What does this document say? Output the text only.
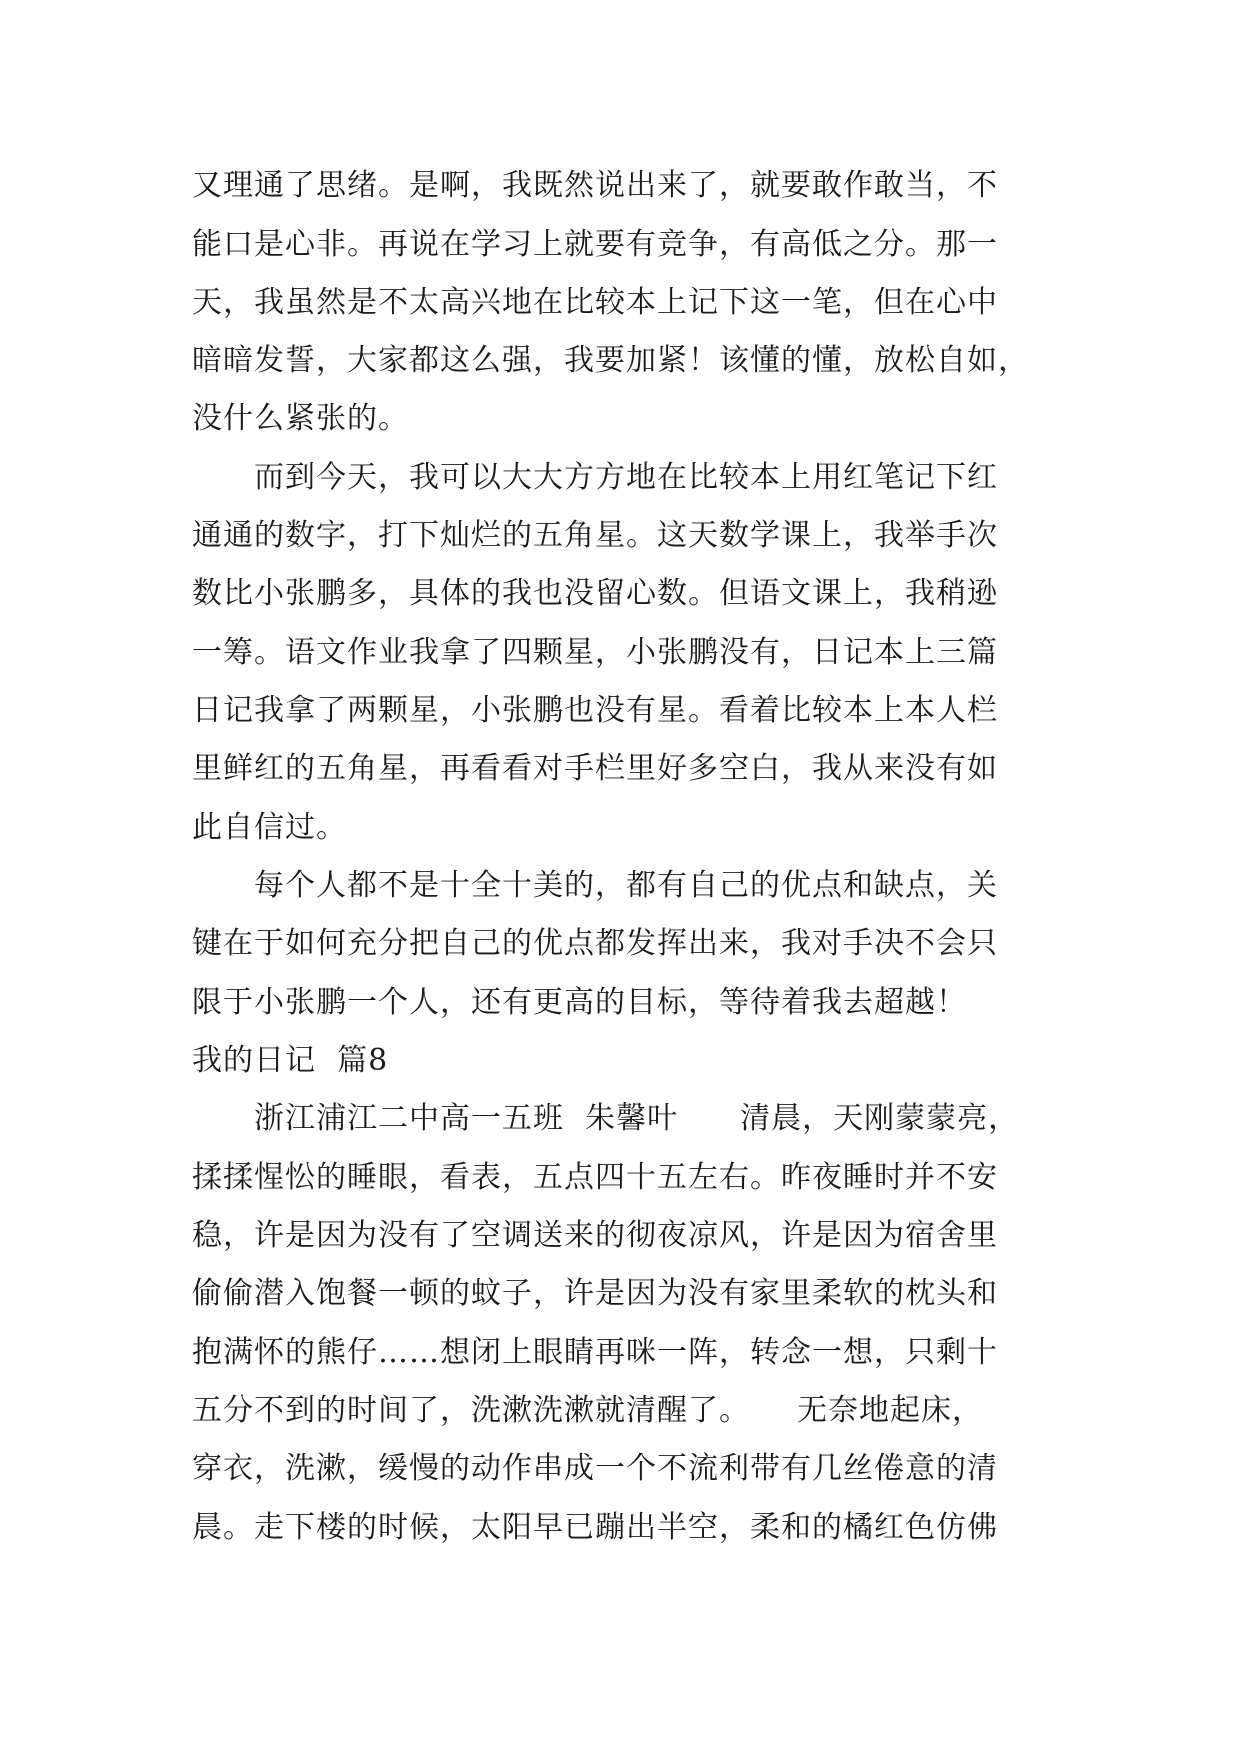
又理通了思绪。是啊，我既然说出来了，就要敢作敢当，不
能口是心非。再说在学习上就要有竞争，有高低之分。那一
天，我虽然是不太高兴地在比较本上记下这一笔，但在心中
暗暗发誓，大家都这么强，我要加紧！该懂的懂，放松自如，
没什么紧张的。
　　而到今天，我可以大大方方地在比较本上用红笔记下红
通通的数字，打下灿烂的五角星。这天数学课上，我举手次
数比小张鹏多，具体的我也没留心数。但语文课上，我稍逊
一筹。语文作业我拿了四颗星，小张鹏没有，日记本上三篇
日记我拿了两颗星，小张鹏也没有星。看着比较本上本人栏
里鲜红的五角星，再看看对手栏里好多空白，我从来没有如
此自信过。
　　每个人都不是十全十美的，都有自己的优点和缺点，关
键在于如何充分把自己的优点都发挥出来，我对手决不会只
限于小张鹏一个人，还有更高的目标，等待着我去超越！
我的日记  篇8
　　浙江浦江二中高一五班  朱馨叶　　清晨，天刚蒙蒙亮，
揉揉惺忪的睡眼，看表，五点四十五左右。昨夜睡时并不安
稳，许是因为没有了空调送来的彻夜凉风，许是因为宿舍里
偷偷潜入饱餐一顿的蚊子，许是因为没有家里柔软的枕头和
抱满怀的熊仔……想闭上眼睛再咪一阵，转念一想，只剩十
五分不到的时间了，洗漱洗漱就清醒了。　　无奈地起床，
穿衣，洗漱，缓慢的动作串成一个不流利带有几丝倦意的清
晨。走下楼的时候，太阳早已蹦出半空，柔和的橘红色仿佛
